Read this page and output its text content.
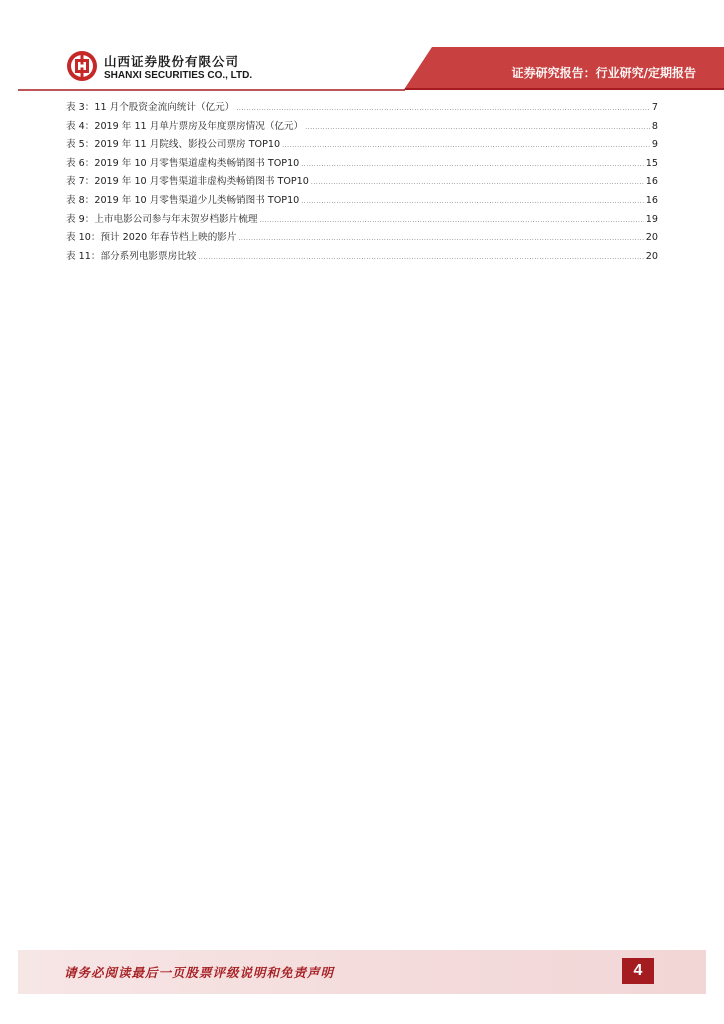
山西证券股份有限公司
SHANXI SECURITIES CO., LTD.	证券研究报告：行业研究/定期报告
表 3：11 月个股资金流向统计（亿元） .....	7
表 4：2019 年 11 月单片票房及年度票房情况（亿元） .....	8
表 5：2019 年 11 月院线、影投公司票房 TOP10 .....	9
表 6：2019 年 10 月零售渠道虚构类畅销图书 TOP10 .....	15
表 7：2019 年 10 月零售渠道非虚构类畅销图书 TOP10 .....	16
表 8：2019 年 10 月零售渠道少儿类畅销图书 TOP10 .....	16
表 9：上市电影公司参与年末贺岁档影片梳理 .....	19
表 10：预计 2020 年春节档上映的影片 .....	20
表 11：部分系列电影票房比较 .....	20
请务必阅读最后一页股票评级说明和免责声明	4
